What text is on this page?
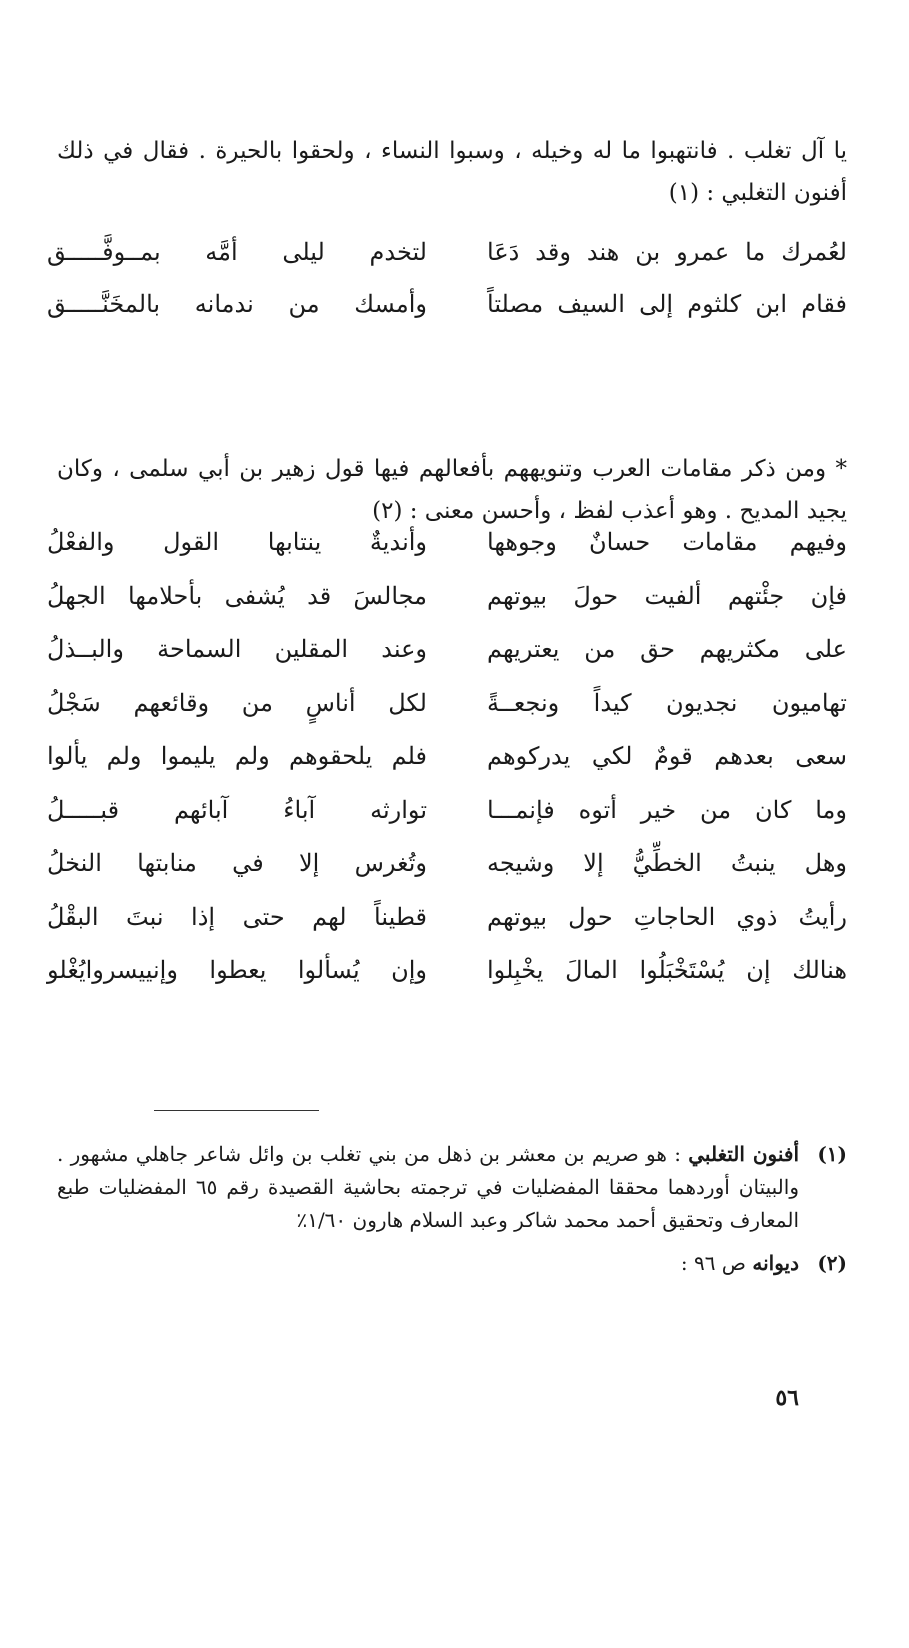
يا آل تغلب . فانتهبوا ما له وخيله ، وسبوا النساء ، ولحقوا بالحيرة . فقال في ذلك أفنون التغلبي : (١)

لعُمرك ما عمرو بن هند وقد دَعَا
لتخدم ليلى أمَّه بمــوفَّـــــق
فقام ابن كلثوم إلى السيف مصلتاً
وأمسك من ندمانه بالمخَنَّـــــق

* ومن ذكر مقامات العرب وتنويههم بأفعالهم فيها قول زهير بن أبي سلمى ، وكان يجيد المديح . وهو أعذب لفظ ، وأحسن معنى : (٢)

وفيهم مقامات حسانٌ وجوهها
وأنديةٌ ينتابها القول والفعْلُ
فإن جئْتهم ألفيت حولَ بيوتهم
مجالسَ قد يُشفى بأحلامها الجهلُ
على مكثريهم حق من يعتريهم
وعند المقلين السماحة والبــذلُ
تهاميون نجديون كيداً ونجعــةً
لكل أناسٍ من وقائعهم سَجْلُ
سعى بعدهم قومٌ لكي يدركوهم
فلم يلحقوهم ولم يليموا ولم يألوا
وما كان من خير أتوه فإنمـــا
توارثه آباءُ آبائهم قبـــــلُ
وهل ينبتُ الخطِّيُّ إلا وشيجه
وتُغرس إلا في منابتها النخلُ
رأيتُ ذوي الحاجاتِ حول بيوتهم
قطيناً لهم حتى إذا نبتَ البقْلُ
هنالك إن يُسْتَخْبَلُوا المالَ يخْبِلوا
وإن يُسألوا يعطوا وإنييسروايُغْلو

(١)
أفنون التغلبي : هو صريم بن معشر بن ذهل من بني تغلب بن وائل شاعر جاهلي مشهور . والبيتان أوردهما محققا المفضليات في ترجمته بحاشية القصيدة رقم ٦٥ المفضليات طبع المعارف وتحقيق أحمد محمد شاكر وعبد السلام هارون ١/٦٠٪

(٢)
ديوانه ص ٩٦ :

٥٦
